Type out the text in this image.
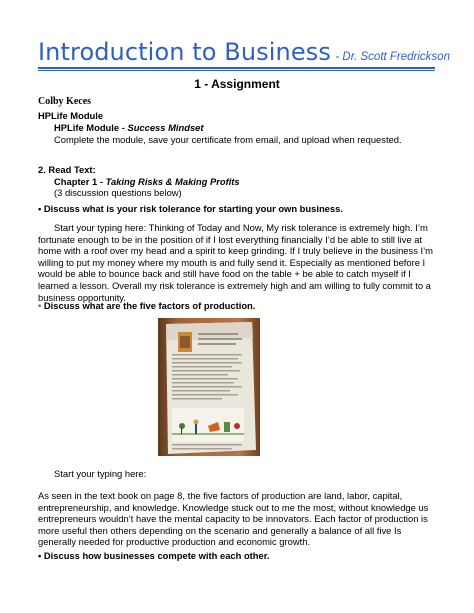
Introduction to Business - Dr. Scott Fredrickson
1 - Assignment
Colby Keces
HPLife Module
HPLife Module - Success Mindset
Complete the module, save your certificate from email, and upload when requested.
2. Read Text:
Chapter 1 - Taking Risks & Making Profits
(3 discussion questions below)
• Discuss what is your risk tolerance for starting your own business.
Start your typing here: Thinking of Today and Now, My risk tolerance is extremely high. I’m
fortunate enough to be in the position of if I lost everything financially I’d be able to still live at
home with a roof over my head and a spirit to keep grinding. If I truly believe in the business I’m
willing to put my money where my mouth is and fully send it. Especially as mentioned before I
would be able to bounce back and still have food on the table + be able to catch myself if I
learned a lesson. Overall my risk tolerance is extremely high and am willing to fully commit to a
business opportunity.
• Discuss what are the five factors of production.
Start your typing here:
As seen in the text book on page 8, the five factors of production are land, labor, capital,
entrepreneurship, and knowledge. Knowledge stuck out to me the most, without knowledge us
entrepreneurs wouldn’t have the mental capacity to be innovators. Each factor of production is
more useful then others depending on the scenario and generally a balance of all five Is
generally needed for productive production and economic growth.
• Discuss how businesses compete with each other.
